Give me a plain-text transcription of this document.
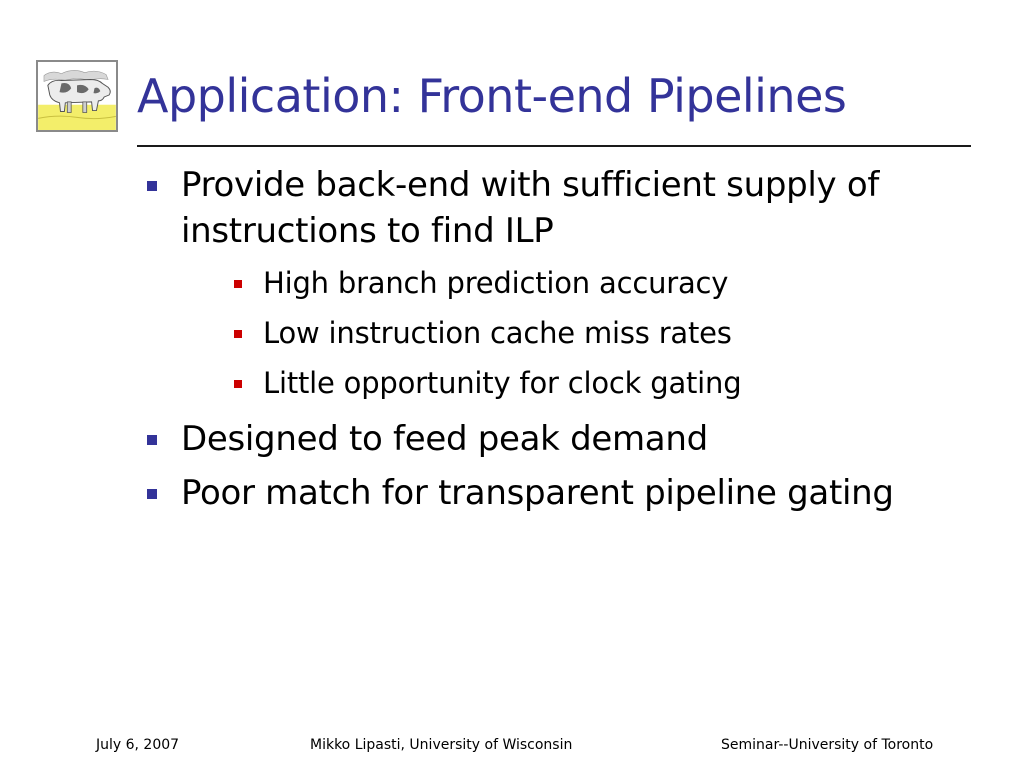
Application: Front-end Pipelines
Provide back-end with sufficient supply of instructions to find ILP
High branch prediction accuracy
Low instruction cache miss rates
Little opportunity for clock gating
Designed to feed peak demand
Poor match for transparent pipeline gating
July 6, 2007	Mikko Lipasti, University of Wisconsin	Seminar--University of Toronto
